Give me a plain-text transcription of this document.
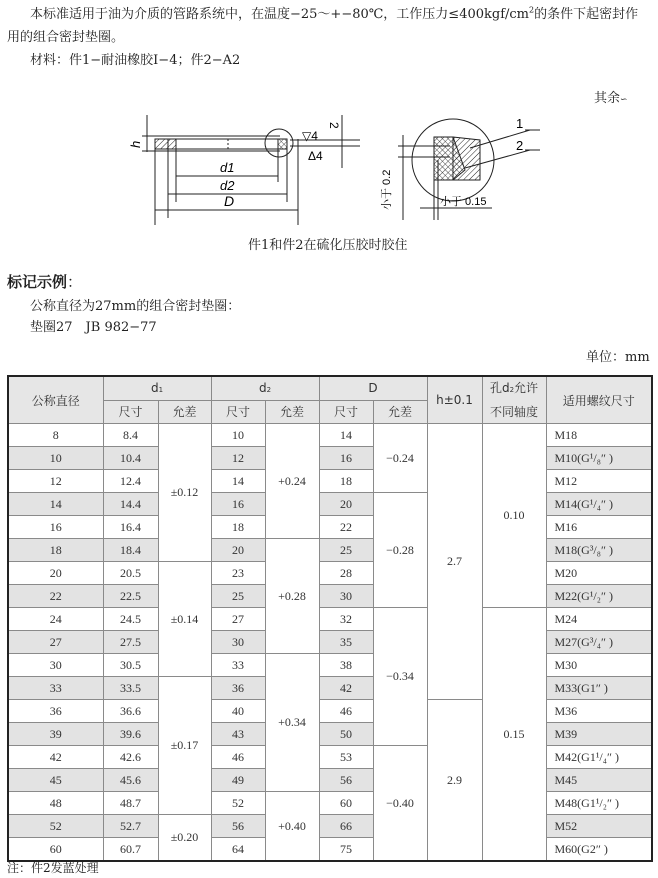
本标准适用于油为介质的管路系统中，在温度−25～+−80℃，工作压力$\le 400kgf/cm^2$的条件下起密封作
用的组合密封垫圈。
材料：件1−耐油橡胶I−4；件2−A2
其余∽
h
d1
d2
D
▽4
Δ4
2	1
2
小于 0.2	小于 0.15
件1和件2在硫化压胶时胶住
标记示例：
公称直径为27mm的组合密封垫圈：
垫圈27　JB 982−77
单位：mm
公称直径	d1		d2		D		h±0.1	孔d2允许
不同轴度	适用螺纹尺寸
	尺寸	允差	尺寸	允差	尺寸	允差			
8	8.4	±0.12	10	+0.24	14	−0.24	2.7	0.10	M18
10	10.4		12		16				M10(G¹/₈″ )
12	12.4		14		18				M12
14	14.4		16		20	−0.28			M14(G¹/₄″ )
16	16.4		18		22				M16
18	18.4		20	+0.28	25				M18(G³/₈″ )
20	20.5	±0.14	23		28				M20
22	22.5		25		30				M22(G¹/₂″ )
24	24.5		27		32	−0.34		0.15	M24
27	27.5		30		35				M27(G³/₄″ )
30	30.5		33	+0.34	38				M30
33	33.5	±0.17	36		42				M33(G1″ )
36	36.6		40		46		2.9		M36
39	39.6		43		50				M39
42	42.6		46		53	−0.40			M42(G1¹/₄″ )
45	45.6		49		56				M45
48	48.7		52	+0.40	60				M48(G1¹/₂″ )
52	52.7	±0.20	56		66				M52
60	60.7		64		75				M60(G2″ )
注：件2发蓝处理
